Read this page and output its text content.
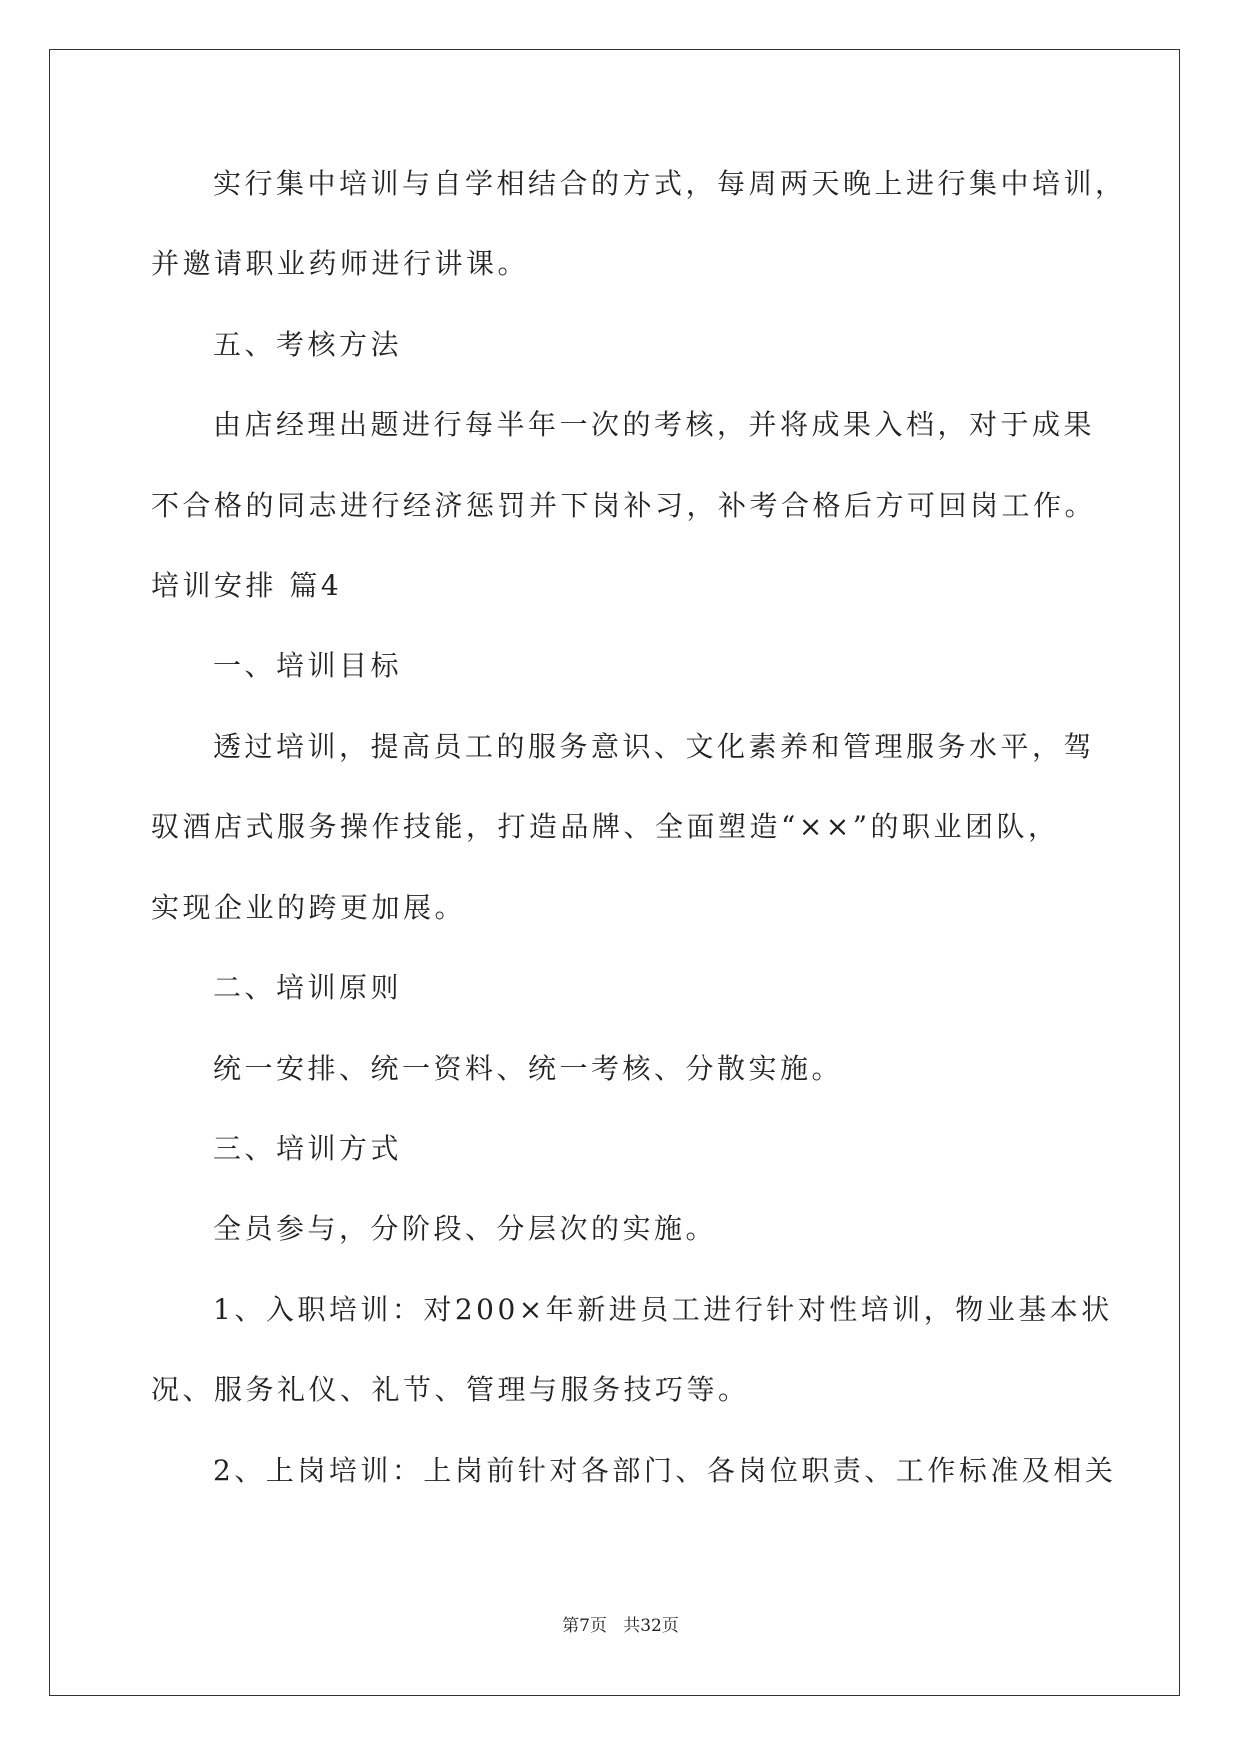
实行集中培训与自学相结合的方式，每周两天晚上进行集中培训，
并邀请职业药师进行讲课。
五、考核方法
由店经理出题进行每半年一次的考核，并将成果入档，对于成果
不合格的同志进行经济惩罚并下岗补习，补考合格后方可回岗工作。
培训安排 篇4
一、培训目标
透过培训，提高员工的服务意识、文化素养和管理服务水平，驾
驭酒店式服务操作技能，打造品牌、全面塑造“××”的职业团队，
实现企业的跨更加展。
二、培训原则
统一安排、统一资料、统一考核、分散实施。
三、培训方式
全员参与，分阶段、分层次的实施。
1、入职培训：对200×年新进员工进行针对性培训，物业基本状
况、服务礼仪、礼节、管理与服务技巧等。
2、上岗培训：上岗前针对各部门、各岗位职责、工作标准及相关
第7页 共32页
